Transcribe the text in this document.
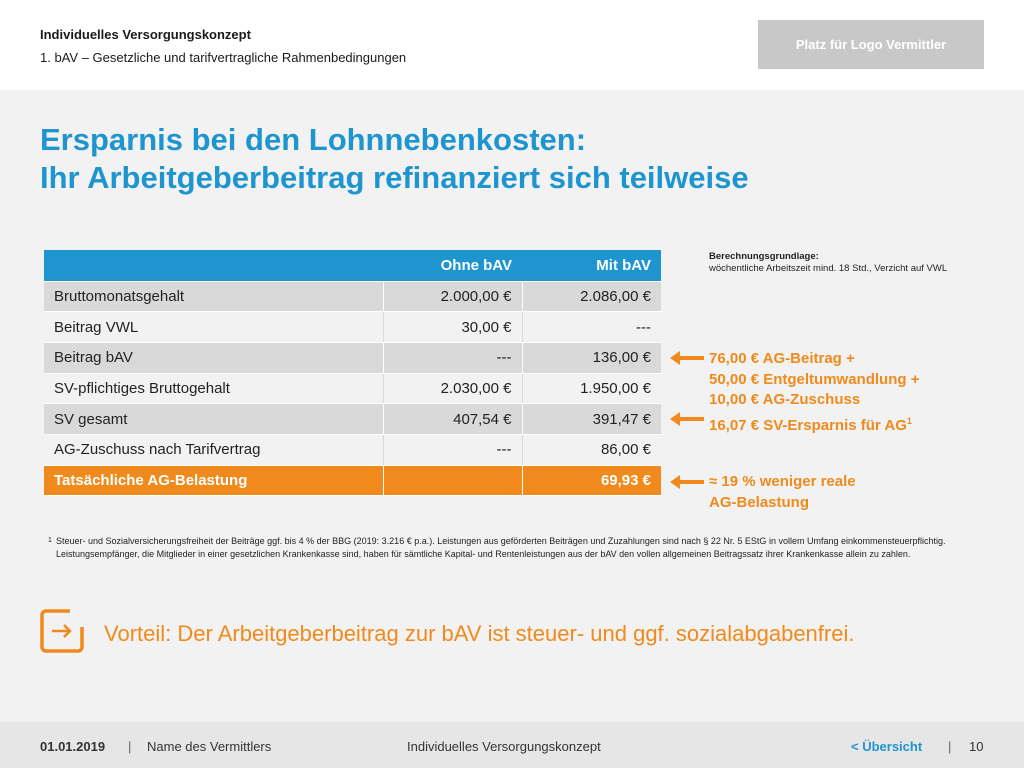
Individuelles Versorgungskonzept
1. bAV – Gesetzliche und tarifvertragliche Rahmenbedingungen
Platz für Logo Vermittler
Ersparnis bei den Lohnnebenkosten:
Ihr Arbeitgeberbeitrag refinanziert sich teilweise
	Ohne bAV	Mit bAV
Bruttomonatsgehalt	2.000,00 €	2.086,00 €
Beitrag VWL	30,00 €	---
Beitrag bAV	---	136,00 €
SV-pflichtiges Bruttogehalt	2.030,00 €	1.950,00 €
SV gesamt	407,54 €	391,47 €
AG-Zuschuss nach Tarifvertrag	---	86,00 €
Tatsächliche AG-Belastung		69,93 €
Berechnungsgrundlage:
wöchentliche Arbeitszeit mind. 18 Std., Verzicht auf VWL
76,00 € AG-Beitrag +
50,00 € Entgeltumwandlung +
10,00 € AG-Zuschuss
16,07 € SV-Ersparnis für $AG^1$
≈ 19 % weniger reale
AG-Belastung
1 Steuer- und Sozialversicherungsfreiheit der Beiträge ggf. bis 4 % der BBG (2019: 3.216 € p.a.). Leistungen aus geförderten Beiträgen und Zuzahlungen sind nach § 22 Nr. 5 EStG in vollem Umfang einkommensteuerpflichtig. Leistungsempfänger, die Mitglieder in einer gesetzlichen Krankenkasse sind, haben für sämtliche Kapital- und Rentenleistungen aus der bAV den vollen allgemeinen Beitragssatz ihrer Krankenkasse allein zu zahlen.
Vorteil: Der Arbeitgeberbeitrag zur bAV ist steuer- und ggf. sozialabgabenfrei.
01.01.2019 | Name des Vermittlers	Individuelles Versorgungskonzept	< Übersicht | 10
